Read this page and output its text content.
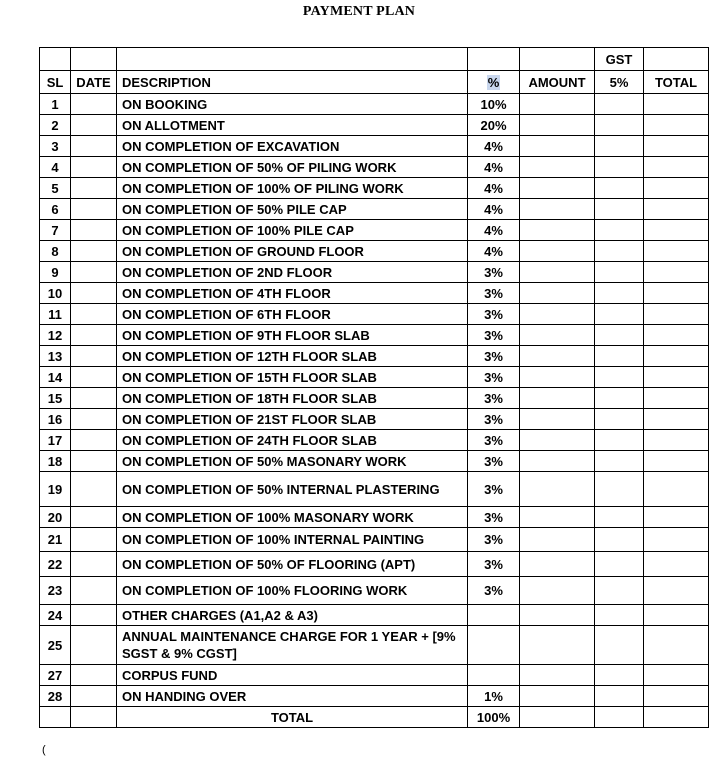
PAYMENT PLAN
					GST	
SL	DATE	DESCRIPTION	%	AMOUNT	5%	TOTAL
1		ON BOOKING	10%			
2		ON ALLOTMENT	20%			
3		ON COMPLETION OF EXCAVATION	4%			
4		ON COMPLETION OF 50% OF PILING WORK	4%			
5		ON COMPLETION OF 100% OF PILING WORK	4%			
6		ON COMPLETION OF 50% PILE CAP	4%			
7		ON COMPLETION OF 100% PILE CAP	4%			
8		ON COMPLETION OF GROUND FLOOR	4%			
9		ON COMPLETION OF 2ND FLOOR	3%			
10		ON COMPLETION OF 4TH FLOOR	3%			
11		ON COMPLETION OF 6TH FLOOR	3%			
12		ON COMPLETION OF 9TH FLOOR SLAB	3%			
13		ON COMPLETION OF 12TH FLOOR SLAB	3%			
14		ON COMPLETION OF 15TH FLOOR SLAB	3%			
15		ON COMPLETION OF 18TH FLOOR SLAB	3%			
16		ON COMPLETION OF 21ST FLOOR SLAB	3%			
17		ON COMPLETION OF 24TH FLOOR SLAB	3%			
18		ON COMPLETION OF 50% MASONARY WORK	3%			
19		ON COMPLETION OF 50% INTERNAL PLASTERING	3%			
20		ON COMPLETION OF 100% MASONARY WORK	3%			
21		ON COMPLETION OF 100% INTERNAL PAINTING	3%			
22		ON COMPLETION OF 50% OF FLOORING (APT)	3%			
23		ON COMPLETION OF 100% FLOORING WORK	3%			
24		OTHER CHARGES (A1,A2 & A3)				
25		ANNUAL MAINTENANCE CHARGE FOR 1 YEAR + [9% SGST & 9% CGST]				
27		CORPUS FUND				
28		ON HANDING OVER	1%			
		TOTAL	100%			
(
